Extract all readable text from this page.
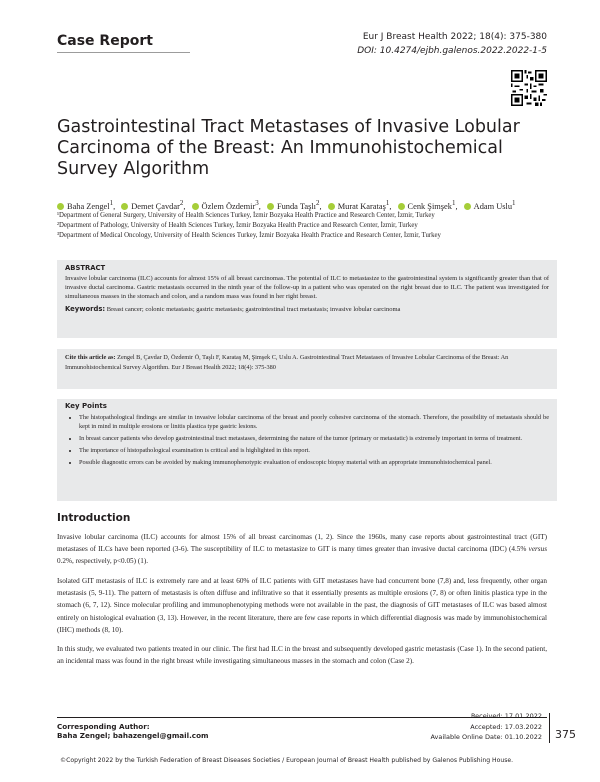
Case Report	Eur J Breast Health 2022; 18(4): 375-380
DOI: 10.4274/ejbh.galenos.2022.2022-1-5
Gastrointestinal Tract Metastases of Invasive Lobular Carcinoma of the Breast: An Immunohistochemical Survey Algorithm
Baha Zengel$^1$, Demet Çavdar$^2$, Özlem Özdemir$^3$, Funda Taşlı$^2$, Murat Karataş$^1$, Cenk Şimşek$^1$, Adam Uslu$^1$
¹Department of General Surgery, University of Health Sciences Turkey, İzmir Bozyaka Health Practice and Research Center, İzmir, Turkey
²Department of Pathology, University of Health Sciences Turkey, İzmir Bozyaka Health Practice and Research Center, İzmir, Turkey
³Department of Medical Oncology, University of Health Sciences Turkey, İzmir Bozyaka Health Practice and Research Center, İzmir, Turkey
ABSTRACT
Invasive lobular carcinoma (ILC) accounts for almost 15% of all breast carcinomas. The potential of ILC to metastasize to the gastrointestinal system is significantly greater than that of invasive ductal carcinoma. Gastric metastasis occurred in the ninth year of the follow-up in a patient who was operated on the right breast due to ILC. The patient was investigated for simultaneous masses in the stomach and colon, and a random mass was found in her right breast.
Keywords: Breast cancer; colonic metastasis; gastric metastasis; gastrointestinal tract metastasis; invasive lobular carcinoma
Cite this article as: Zengel B, Çavdar D, Özdemir Ö, Taşlı F, Karataş M, Şimşek C, Uslu A. Gastrointestinal Tract Metastases of Invasive Lobular Carcinoma of the Breast: An Immunohistochemical Survey Algorithm. Eur J Breast Health 2022; 18(4): 375-380
Key Points
• The histopathological findings are similar in invasive lobular carcinoma of the breast and poorly cohesive carcinoma of the stomach. Therefore, the possibility of metastasis should be kept in mind in multiple erosions or linitis plastica type gastric lesions.
• In breast cancer patients who develop gastrointestinal tract metastases, determining the nature of the tumor (primary or metastatic) is extremely important in terms of treatment.
• The importance of histopathological examination is critical and is highlighted in this report.
• Possible diagnostic errors can be avoided by making immunophenotypic evaluation of endoscopic biopsy material with an appropriate immunohistochemical panel.
Introduction
Invasive lobular carcinoma (ILC) accounts for almost 15% of all breast carcinomas (1, 2). Since the 1960s, many case reports about gastrointestinal tract (GIT) metastases of ILCs have been reported (3-6). The susceptibility of ILC to metastasize to GIT is many times greater than invasive ductal carcinoma (IDC) (4.5% versus 0.2%, respectively, p<0.05) (1).
Isolated GIT metastasis of ILC is extremely rare and at least 60% of ILC patients with GIT metastases have had concurrent bone (7,8) and, less frequently, other organ metastasis (5, 9-11). The pattern of metastasis is often diffuse and infiltrative so that it essentially presents as multiple erosions (7, 8) or often linitis plastica type in the stomach (6, 7, 12). Since molecular profiling and immunophenotyping methods were not available in the past, the diagnosis of GIT metastases of ILC was based almost entirely on histological evaluation (3, 13). However, in the recent literature, there are few case reports in which differential diagnosis was made by immunohistochemical (IHC) methods (8, 10).
In this study, we evaluated two patients treated in our clinic. The first had ILC in the breast and subsequently developed gastric metastasis (Case 1). In the second patient, an incidental mass was found in the right breast while investigating simultaneous masses in the stomach and colon (Case 2).
Corresponding Author:
Baha Zengel; bahazengel@gmail.com
Received: 17.01.2022
Accepted: 17.03.2022
Available Online Date: 01.10.2022 375
©Copyright 2022 by the Turkish Federation of Breast Diseases Societies / European Journal of Breast Health published by Galenos Publishing House.
